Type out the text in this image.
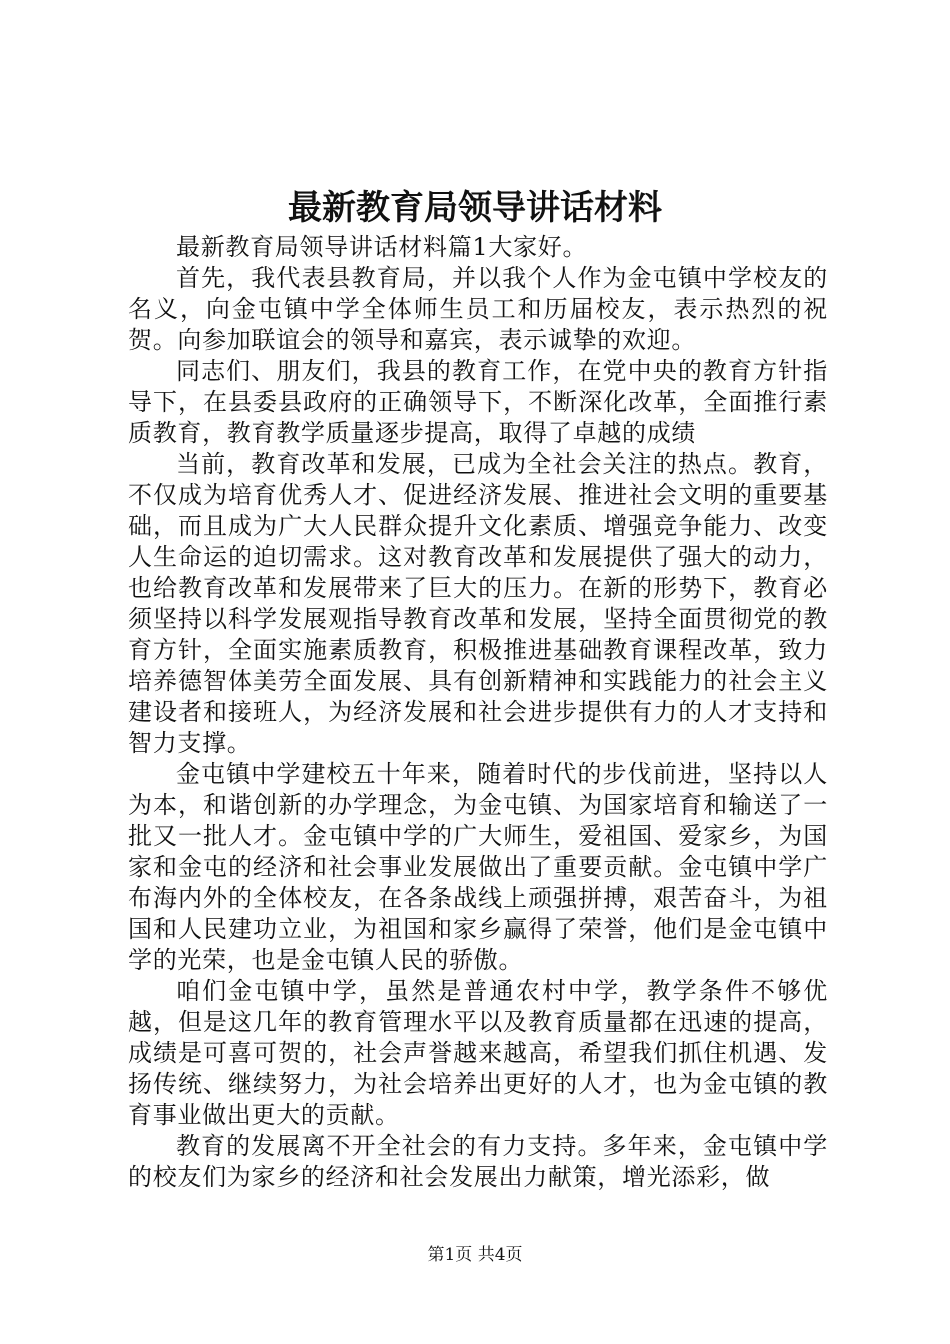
最新教育局领导讲话材料

最新教育局领导讲话材料篇1大家好。

首先，我代表县教育局，并以我个人作为金屯镇中学校友的名义，向金屯镇中学全体师生员工和历届校友，表示热烈的祝贺。向参加联谊会的领导和嘉宾，表示诚挚的欢迎。

同志们、朋友们，我县的教育工作，在党中央的教育方针指导下，在县委县政府的正确领导下，不断深化改革，全面推行素质教育，教育教学质量逐步提高，取得了卓越的成绩

当前，教育改革和发展，已成为全社会关注的热点。教育，不仅成为培育优秀人才、促进经济发展、推进社会文明的重要基础，而且成为广大人民群众提升文化素质、增强竞争能力、改变人生命运的迫切需求。这对教育改革和发展提供了强大的动力，也给教育改革和发展带来了巨大的压力。在新的形势下，教育必须坚持以科学发展观指导教育改革和发展，坚持全面贯彻党的教育方针，全面实施素质教育，积极推进基础教育课程改革，致力培养德智体美劳全面发展、具有创新精神和实践能力的社会主义建设者和接班人，为经济发展和社会进步提供有力的人才支持和智力支撑。

金屯镇中学建校五十年来，随着时代的步伐前进，坚持以人为本，和谐创新的办学理念，为金屯镇、为国家培育和输送了一批又一批人才。金屯镇中学的广大师生，爱祖国、爱家乡，为国家和金屯的经济和社会事业发展做出了重要贡献。金屯镇中学广布海内外的全体校友，在各条战线上顽强拼搏，艰苦奋斗，为祖国和人民建功立业，为祖国和家乡赢得了荣誉，他们是金屯镇中学的光荣，也是金屯镇人民的骄傲。

咱们金屯镇中学，虽然是普通农村中学，教学条件不够优越，但是这几年的教育管理水平以及教育质量都在迅速的提高，成绩是可喜可贺的，社会声誉越来越高，希望我们抓住机遇、发扬传统、继续努力，为社会培养出更好的人才，也为金屯镇的教育事业做出更大的贡献。

教育的发展离不开全社会的有力支持。多年来，金屯镇中学的校友们为家乡的经济和社会发展出力献策，增光添彩，做

第1页 共4页
